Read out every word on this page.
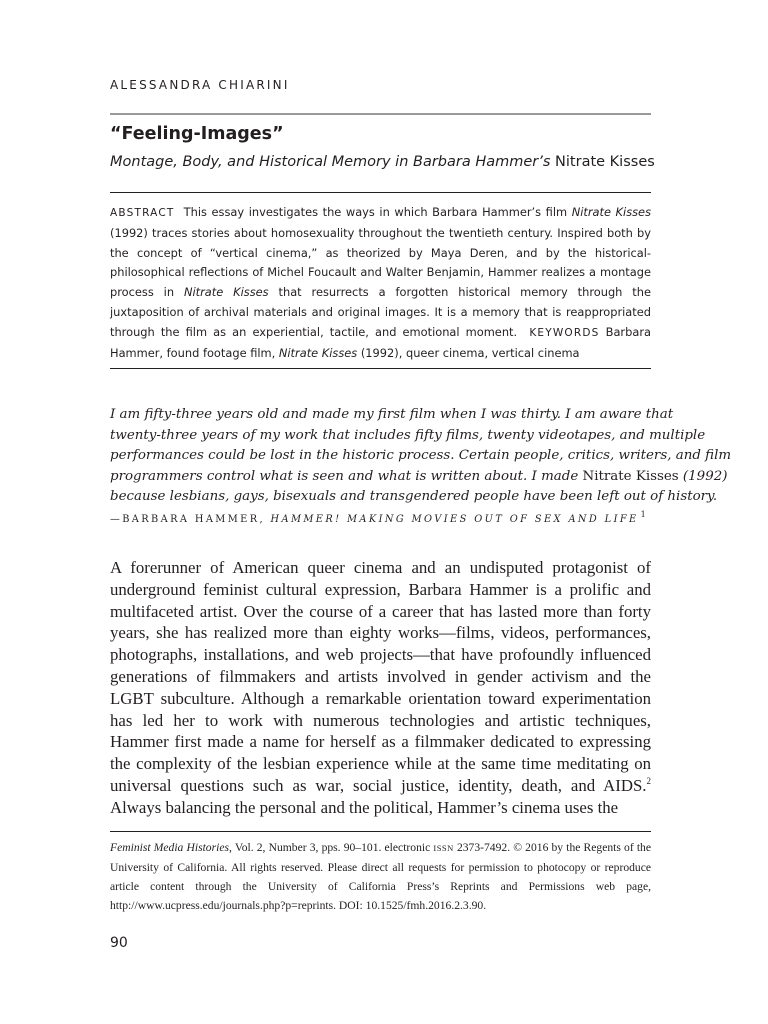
ALESSANDRA CHIARINI
“Feeling-Images”
Montage, Body, and Historical Memory in Barbara Hammer’s Nitrate Kisses
ABSTRACT This essay investigates the ways in which Barbara Hammer’s film Nitrate Kisses (1992) traces stories about homosexuality throughout the twentieth century. Inspired both by the concept of “vertical cinema,” as theorized by Maya Deren, and by the historical-philosophical reflections of Michel Foucault and Walter Benjamin, Hammer realizes a montage process in Nitrate Kisses that resurrects a forgotten historical memory through the juxtaposition of archival materials and original images. It is a memory that is reappropriated through the film as an experiential, tactile, and emotional moment. KEYWORDS Barbara Hammer, found footage film, Nitrate Kisses (1992), queer cinema, vertical cinema
I am fifty-three years old and made my first film when I was thirty. I am aware that
twenty-three years of my work that includes fifty films, twenty videotapes, and multiple
performances could be lost in the historic process. Certain people, critics, writers, and film
programmers control what is seen and what is written about. I made Nitrate Kisses (1992)
because lesbians, gays, bisexuals and transgendered people have been left out of history.
—BARBARA HAMMER, HAMMER! MAKING MOVIES OUT OF SEX AND LIFE $^1$
A forerunner of American queer cinema and an undisputed protagonist of underground feminist cultural expression, Barbara Hammer is a prolific and multifaceted artist. Over the course of a career that has lasted more than forty years, she has realized more than eighty works—films, videos, performances, photographs, installations, and web projects—that have profoundly influenced generations of filmmakers and artists involved in gender activism and the LGBT subculture. Although a remarkable orientation toward experimentation has led her to work with numerous technologies and artistic techniques, Hammer first made a name for herself as a filmmaker dedicated to expressing the complexity of the lesbian experience while at the same time meditating on universal questions such as war, social justice, identity, death, and AIDS.$^2$ Always balancing the personal and the political, Hammer’s cinema uses the
Feminist Media Histories, Vol. 2, Number 3, pps. 90–101. electronic ISSN 2373-7492. © 2016 by the Regents of the University of California. All rights reserved. Please direct all requests for permission to photocopy or reproduce article content through the University of California Press’s Reprints and Permissions web page, http://www.ucpress.edu/journals.php?p=reprints. DOI: 10.1525/fmh.2016.2.3.90.
90
